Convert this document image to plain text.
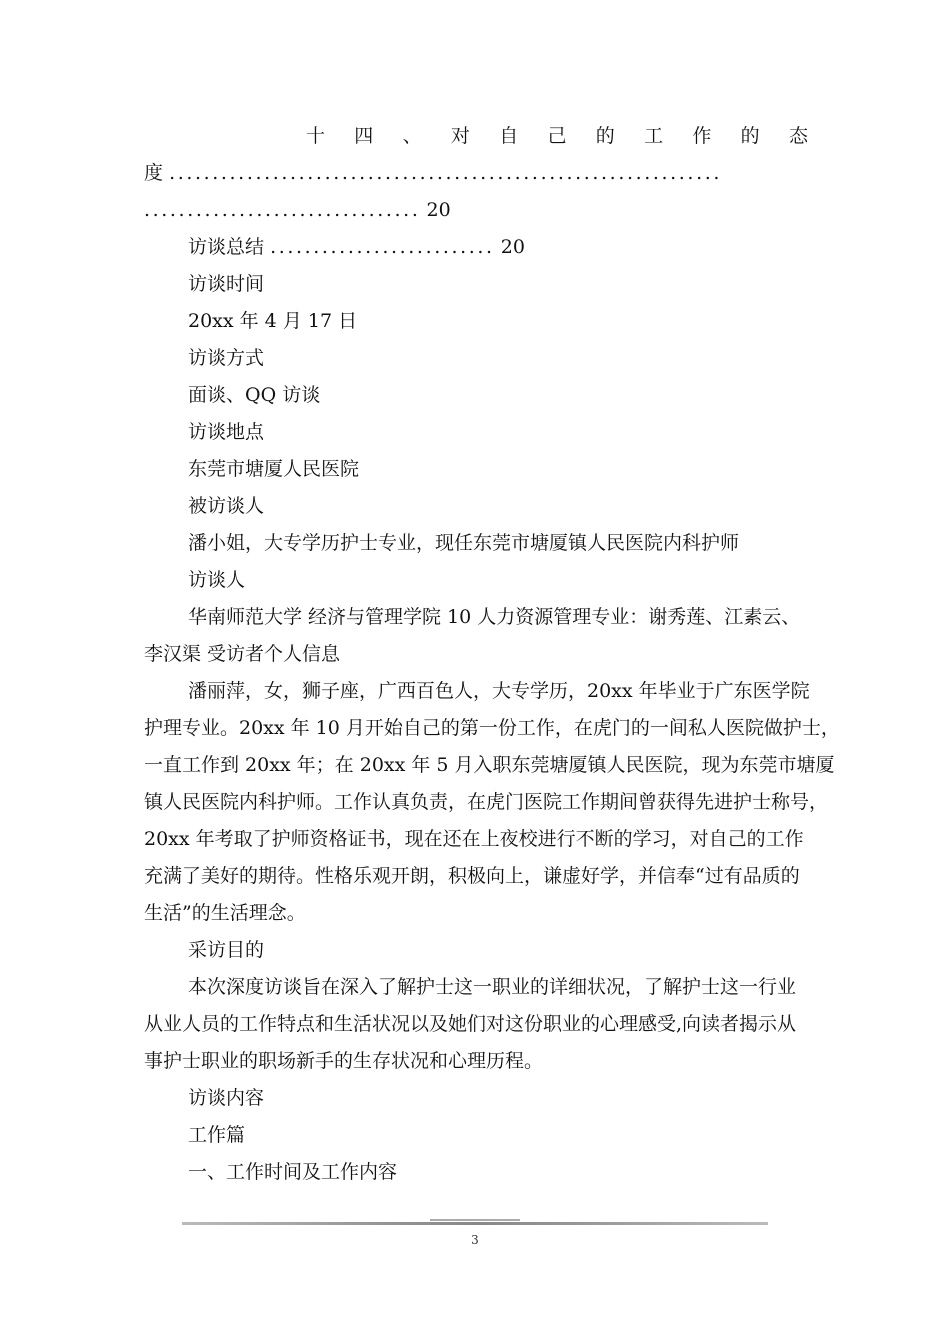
十 四 、 对 自 己 的 工 作 的 态
度 ................................................................
................................ 20
访谈总结 .......................... 20
访谈时间
20xx 年 4 月 17 日
访谈方式
面谈、QQ 访谈
访谈地点
东莞市塘厦人民医院
被访谈人
潘小姐，大专学历护士专业，现任东莞市塘厦镇人民医院内科护师
访谈人
华南师范大学 经济与管理学院 10 人力资源管理专业：谢秀莲、江素云、
李汉渠 受访者个人信息
潘丽萍，女，狮子座，广西百色人，大专学历，20xx 年毕业于广东医学院
护理专业。20xx 年 10 月开始自己的第一份工作，在虎门的一间私人医院做护士，
一直工作到 20xx 年；在 20xx 年 5 月入职东莞塘厦镇人民医院，现为东莞市塘厦
镇人民医院内科护师。工作认真负责，在虎门医院工作期间曾获得先进护士称号，
20xx 年考取了护师资格证书，现在还在上夜校进行不断的学习，对自己的工作
充满了美好的期待。性格乐观开朗，积极向上，谦虚好学，并信奉“过有品质的
生活”的生活理念。
采访目的
本次深度访谈旨在深入了解护士这一职业的详细状况，了解护士这一行业
从业人员的工作特点和生活状况以及她们对这份职业的心理感受,向读者揭示从
事护士职业的职场新手的生存状况和心理历程。
访谈内容
工作篇
一、工作时间及工作内容
3
